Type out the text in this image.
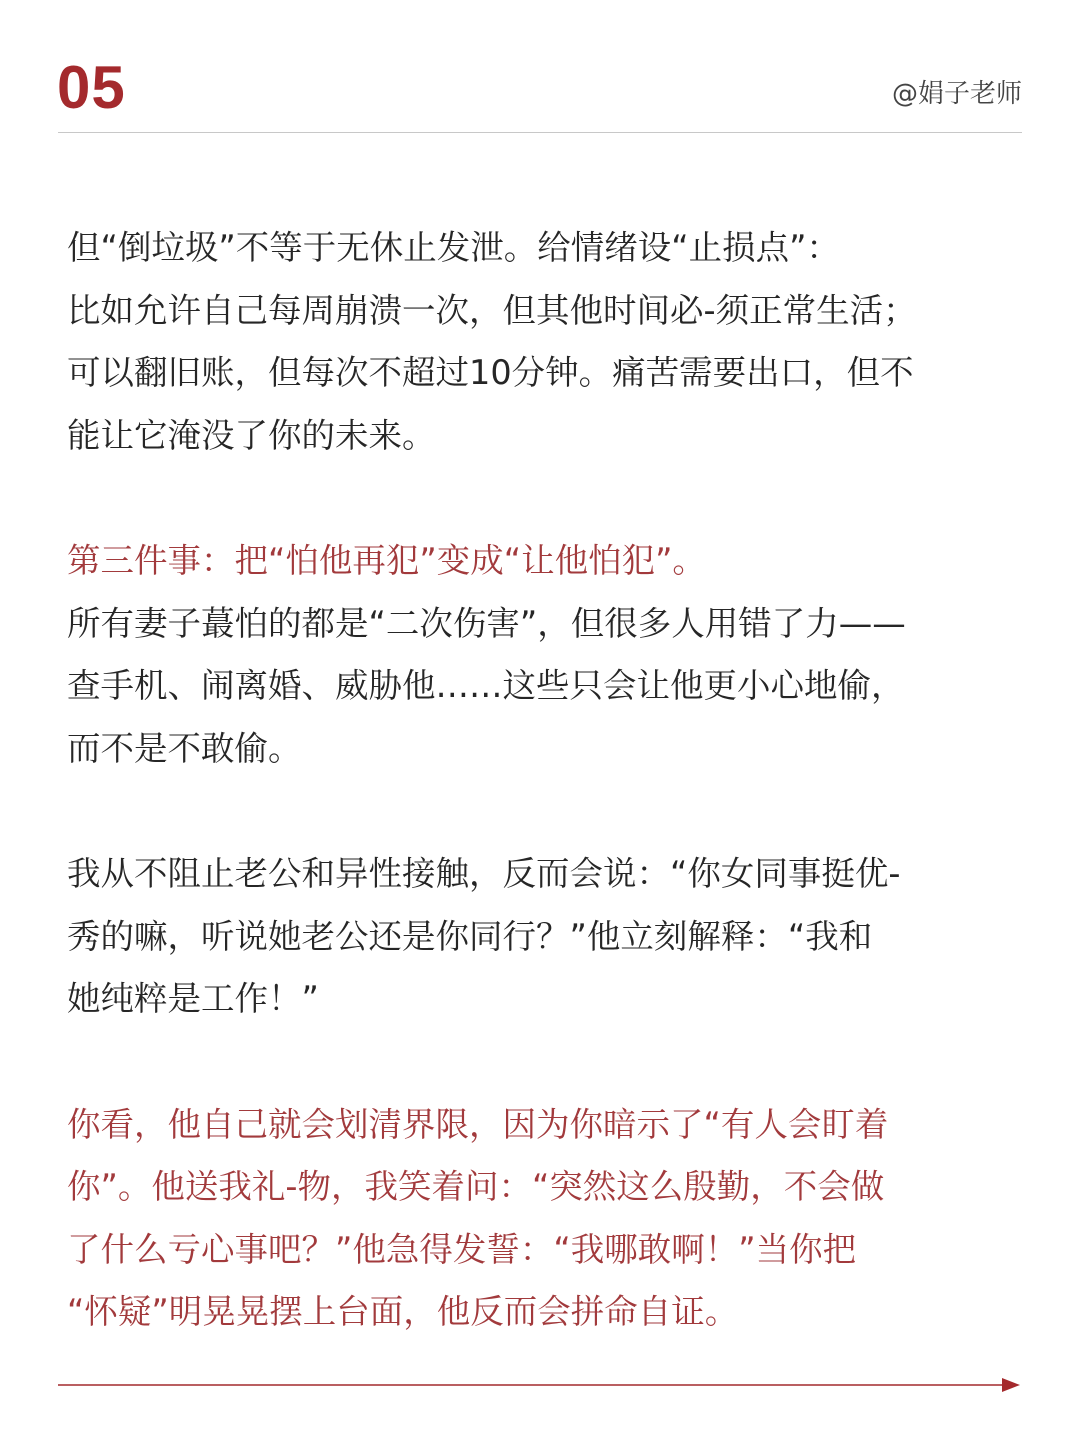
05	@娟子老师
但“倒垃圾”不等于无休止发泄。给情绪设“止损点”：
比如允许自己每周崩溃一次，但其他时间必-须正常生活；
可以翻旧账，但每次不超过10分钟。痛苦需要出口，但不
能让它淹没了你的未来。
第三件事：把“怕他再犯”变成“让他怕犯”。
所有妻子蕞怕的都是“二次伤害”，但很多人用错了力——
查手机、闹离婚、威胁他……这些只会让他更小心地偷，
而不是不敢偷。
我从不阻止老公和异性接触，反而会说：“你女同事挺优-
秀的嘛，听说她老公还是你同行？”他立刻解释：“我和
她纯粹是工作！”
你看，他自己就会划清界限，因为你暗示了“有人会盯着
你”。他送我礼-物，我笑着问：“突然这么殷勤，不会做
了什么亏心事吧？”他急得发誓：“我哪敢啊！”当你把
“怀疑”明晃晃摆上台面，他反而会拼命自证。
